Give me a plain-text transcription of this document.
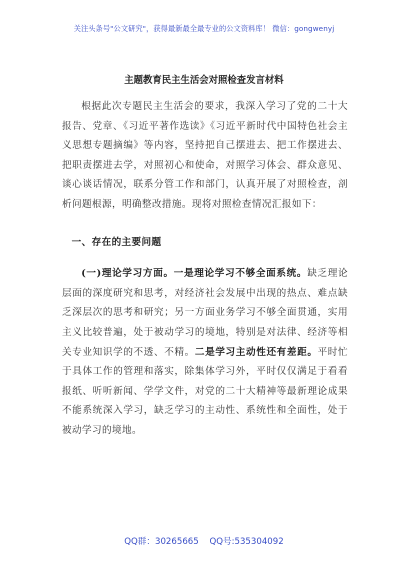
关注头条号"公文研究"，获得最新最全最专业的公文资料库！ 微信：gongwenyj
主题教育民主生活会对照检查发言材料

根据此次专题民主生活会的要求，我深入学习了党的二十大报告、党章、《习近平著作选读》《习近平新时代中国特色社会主义思想专题摘编》等内容，坚持把自己摆进去、把工作摆进去、把职责摆进去学，对照初心和使命，对照学习体会、群众意见、谈心谈话情况，联系分管工作和部门，认真开展了对照检查，剖析问题根源，明确整改措施。现将对照检查情况汇报如下：

一、存在的主要问题

(一)理论学习方面。一是理论学习不够全面系统。缺乏理论层面的深度研究和思考，对经济社会发展中出现的热点、难点缺乏深层次的思考和研究；另一方面业务学习不够全面贯通，实用主义比较普遍，处于被动学习的境地，特别是对法律、经济等相关专业知识学的不透、不精。二是学习主动性还有差距。平时忙于具体工作的管理和落实，除集体学习外，平时仅仅满足于看看报纸、听听新闻、学学文件，对党的二十大精神等最新理论成果不能系统深入学习，缺乏学习的主动性、系统性和全面性，处于被动学习的境地。

QQ群：30265665 QQ号:535304092
